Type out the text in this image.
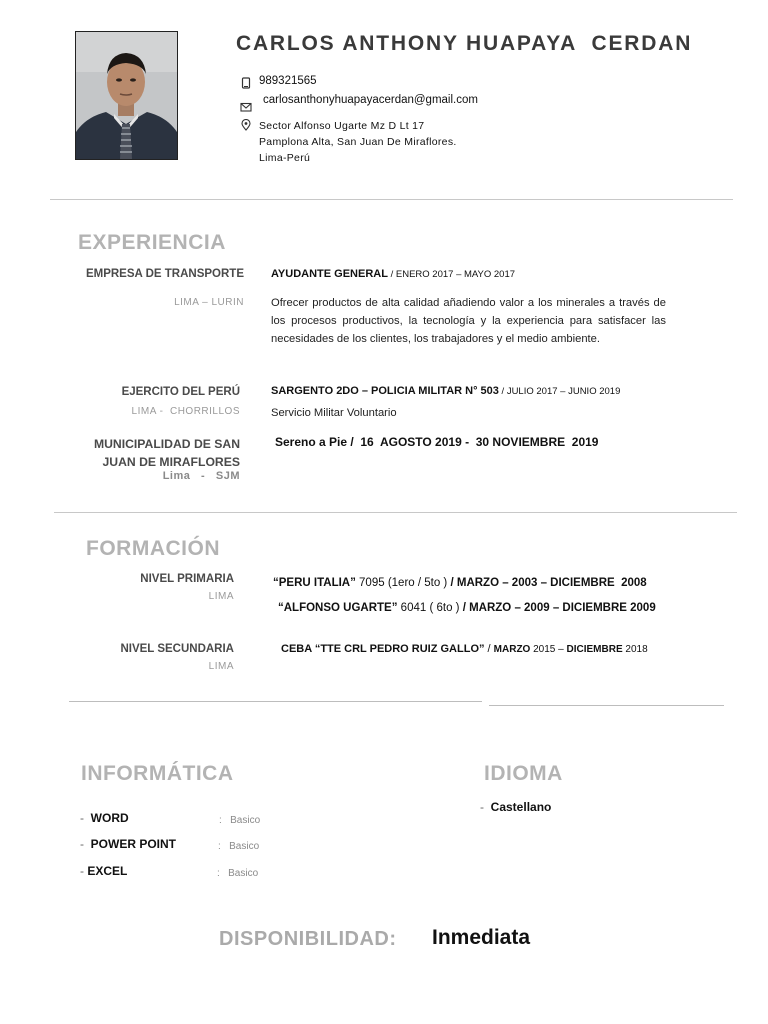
CARLOS ANTHONY HUAPAYA  CERDAN
989321565
carlosanthonyhuapayacerdan@gmail.com
Sector Alfonso Ugarte Mz D Lt 17
Pamplona Alta, San Juan De Miraflores.
Lima-Perú
EXPERIENCIA
EMPRESA DE TRANSPORTE
LIMA – LURIN
AYUDANTE GENERAL / ENERO 2017 – MAYO 2017
Ofrecer productos de alta calidad añadiendo valor a los minerales a través de los procesos productivos, la tecnología y la experiencia para satisfacer las necesidades de los clientes, los trabajadores y el medio ambiente.
EJERCITO DEL PERÚ
LIMA -  CHORRILLOS
SARGENTO 2DO – POLICIA MILITAR N° 503 / JULIO 2017 – JUNIO 2019
Servicio Militar Voluntario
MUNICIPALIDAD DE SAN
JUAN DE MIRAFLORES
Lima   -   SJM
Sereno a Pie /  16  AGOSTO 2019 -  30 NOVIEMBRE  2019
FORMACIÓN
NIVEL PRIMARIA
LIMA
“PERU ITALIA” 7095 (1ero / 5to ) / MARZO – 2003 – DICIEMBRE  2008
“ALFONSO UGARTE” 6041 ( 6to ) / MARZO – 2009 – DICIEMBRE 2009
NIVEL SECUNDARIA
LIMA
CEBA “TTE CRL PEDRO RUIZ GALLO” / MARZO 2015 – DICIEMBRE 2018
INFORMÁTICA
-  WORD	:   Basico
-  POWER POINT	:   Basico
- EXCEL	:   Basico
IDIOMA
-  Castellano
DISPONIBILIDAD: Inmediata
